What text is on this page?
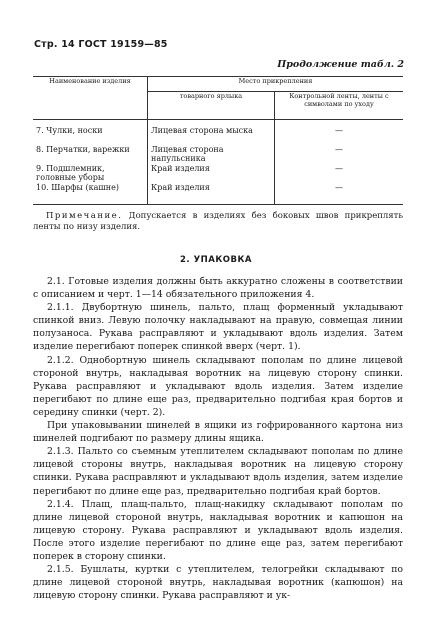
Стр. 14 ГОСТ 19159—85
Продолжение табл. 2
Наименование изделия	Место прикрепления	
	товарного ярлыка	Контрольной ленты, ленты с символами по уходу
7. Чулки, носки	Лицевая сторона мыска	—
8. Перчатки, варежки	Лицевая сторона напульсника	—
9. Подшлемник, головные уборы	Край изделия	—
10. Шарфы (кашне)	Край изделия	—
Примечание. Допускается в изделиях без боковых швов прикреплять ленты по низу изделия.
2. УПАКОВКА

2.1. Готовые изделия должны быть аккуратно сложены в соответствии с описанием и черт. 1—14 обязательного приложения 4.

2.1.1. Двубортную шинель, пальто, плащ форменный укладывают спинкой вниз. Левую полочку накладывают на правую, совмещая линии полузаноса. Рукава расправляют и укладывают вдоль изделия. Затем изделие перегибают поперек спинкой вверх (черт. 1).

2.1.2. Однобортную шинель складывают пополам по длине лицевой стороной внутрь, накладывая воротник на лицевую сторону спинки. Рукава расправляют и укладывают вдоль изделия. Затем изделие перегибают по длине еще раз, предварительно подгибая края бортов и середину спинки (черт. 2).

При упаковывании шинелей в ящики из гофрированного картона низ шинелей подгибают по размеру длины ящика.

2.1.3. Пальто со съемным утеплителем складывают пополам по длине лицевой стороны внутрь, накладывая воротник на лицевую сторону спинки. Рукава расправляют и укладывают вдоль изделия, затем изделие перегибают по длине еще раз, предварительно подгибая край бортов.

2.1.4. Плащ, плащ-пальто, плащ-накидку складывают пополам по длине лицевой стороной внутрь, накладывая воротник и капюшон на лицевую сторону. Рукава расправляют и укладывают вдоль изделия. После этого изделие перегибают по длине еще раз, затем перегибают поперек в сторону спинки.

2.1.5. Бушлаты, куртки с утеплителем, телогрейки складывают по длине лицевой стороной внутрь, накладывая воротник (капюшон) на лицевую сторону спинки. Рукава расправляют и ук-
